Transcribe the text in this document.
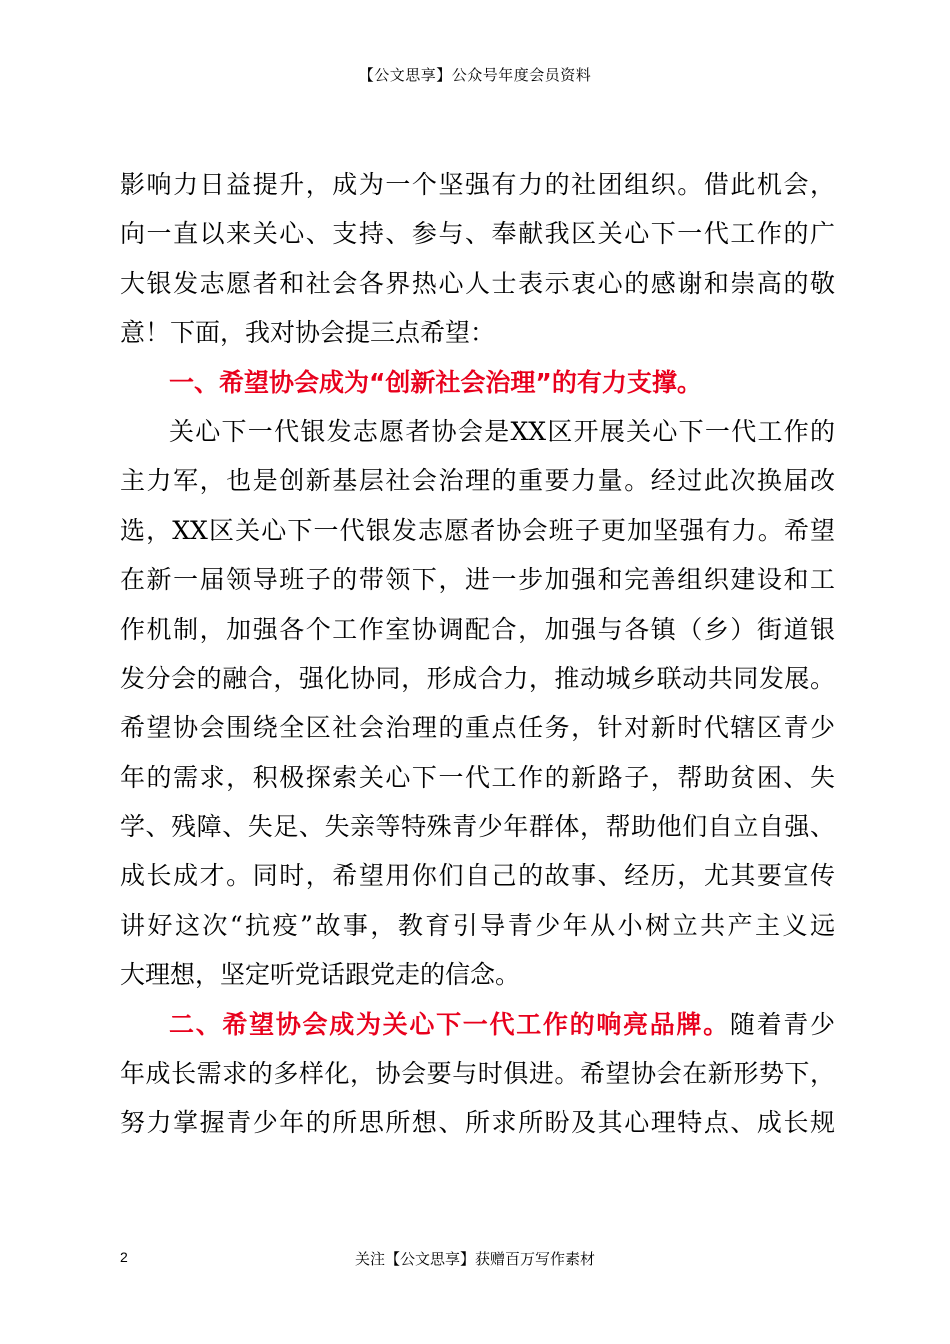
【公文思享】公众号年度会员资料
影响力日益提升，成为一个坚强有力的社团组织。借此机会，
向一直以来关心、支持、参与、奉献我区关心下一代工作的广
大银发志愿者和社会各界热心人士表示衷心的感谢和崇高的敬
意！下面，我对协会提三点希望：
一、希望协会成为“创新社会治理”的有力支撑。
关心下一代银发志愿者协会是XX区开展关心下一代工作的
主力军，也是创新基层社会治理的重要力量。经过此次换届改
选，XX区关心下一代银发志愿者协会班子更加坚强有力。希望
在新一届领导班子的带领下，进一步加强和完善组织建设和工
作机制，加强各个工作室协调配合，加强与各镇（乡）街道银
发分会的融合，强化协同，形成合力，推动城乡联动共同发展。
希望协会围绕全区社会治理的重点任务，针对新时代辖区青少
年的需求，积极探索关心下一代工作的新路子，帮助贫困、失
学、残障、失足、失亲等特殊青少年群体，帮助他们自立自强、
成长成才。同时，希望用你们自己的故事、经历，尤其要宣传
讲好这次“抗疫”故事，教育引导青少年从小树立共产主义远
大理想，坚定听党话跟党走的信念。
二、希望协会成为关心下一代工作的响亮品牌。随着青少
年成长需求的多样化，协会要与时俱进。希望协会在新形势下，
努力掌握青少年的所思所想、所求所盼及其心理特点、成长规
2	关注【公文思享】获赠百万写作素材
